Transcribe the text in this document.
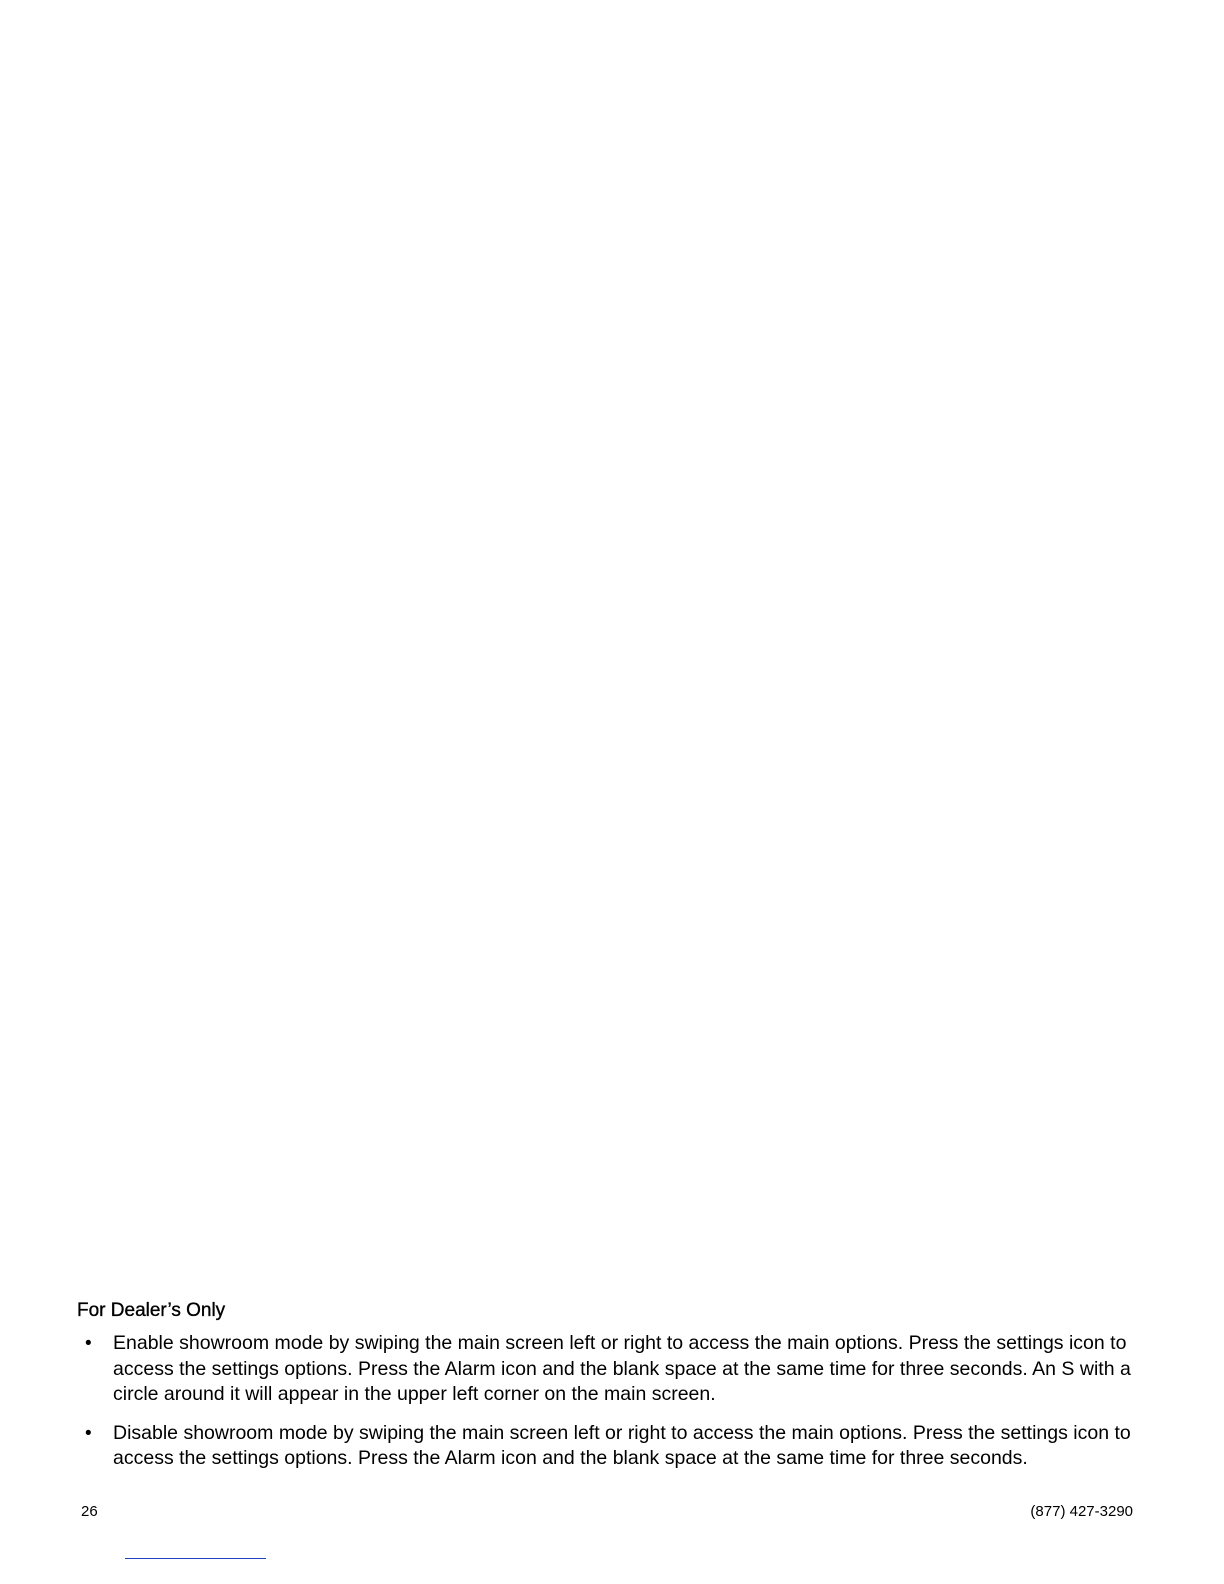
For Dealer’s Only
• Enable showroom mode by swiping the main screen left or right to access the main options. Press the settings icon to access the settings options. Press the Alarm icon and the blank space at the same time for three seconds. An S with a circle around it will appear in the upper left corner on the main screen.
• Disable showroom mode by swiping the main screen left or right to access the main options. Press the settings icon to access the settings options. Press the Alarm icon and the blank space at the same time for three seconds.
26	(877) 427-3290
